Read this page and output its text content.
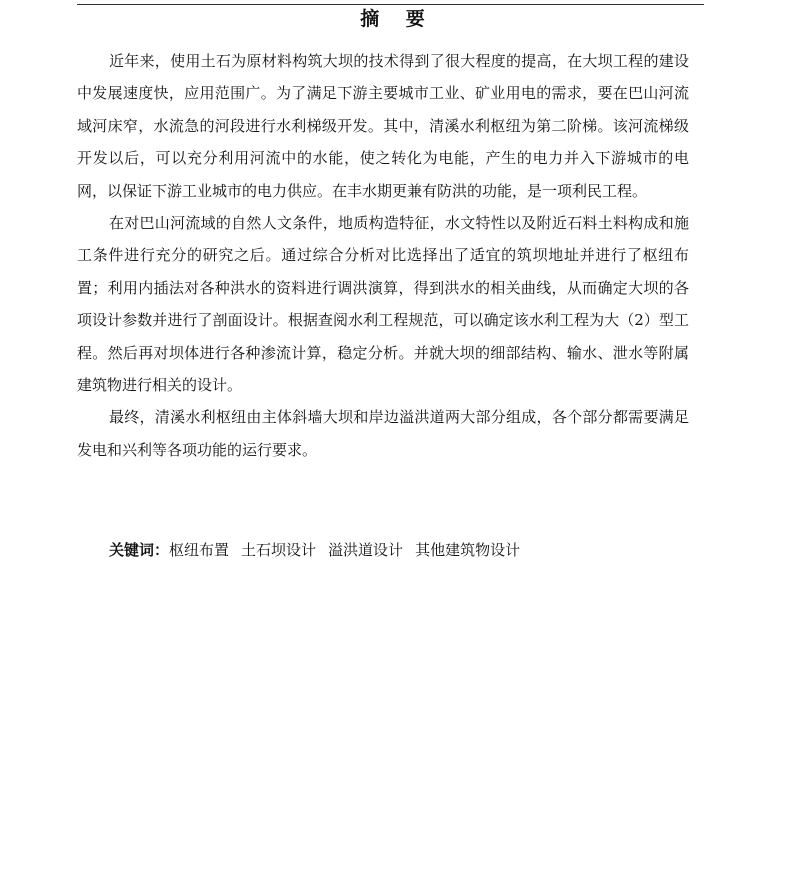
摘 要

近年来，使用土石为原材料构筑大坝的技术得到了很大程度的提高，在大坝工程的建设中发展速度快，应用范围广。为了满足下游主要城市工业、矿业用电的需求，要在巴山河流域河床窄，水流急的河段进行水利梯级开发。其中，清溪水利枢纽为第二阶梯。该河流梯级开发以后，可以充分利用河流中的水能，使之转化为电能，产生的电力并入下游城市的电网，以保证下游工业城市的电力供应。在丰水期更兼有防洪的功能，是一项利民工程。

在对巴山河流域的自然人文条件，地质构造特征，水文特性以及附近石料土料构成和施工条件进行充分的研究之后。通过综合分析对比选择出了适宜的筑坝地址并进行了枢纽布置；利用内插法对各种洪水的资料进行调洪演算，得到洪水的相关曲线，从而确定大坝的各项设计参数并进行了剖面设计。根据查阅水利工程规范，可以确定该水利工程为大（2）型工程。然后再对坝体进行各种渗流计算，稳定分析。并就大坝的细部结构、输水、泄水等附属建筑物进行相关的设计。

最终，清溪水利枢纽由主体斜墙大坝和岸边溢洪道两大部分组成，各个部分都需要满足发电和兴利等各项功能的运行要求。

关键词：枢纽布置 土石坝设计 溢洪道设计 其他建筑物设计
